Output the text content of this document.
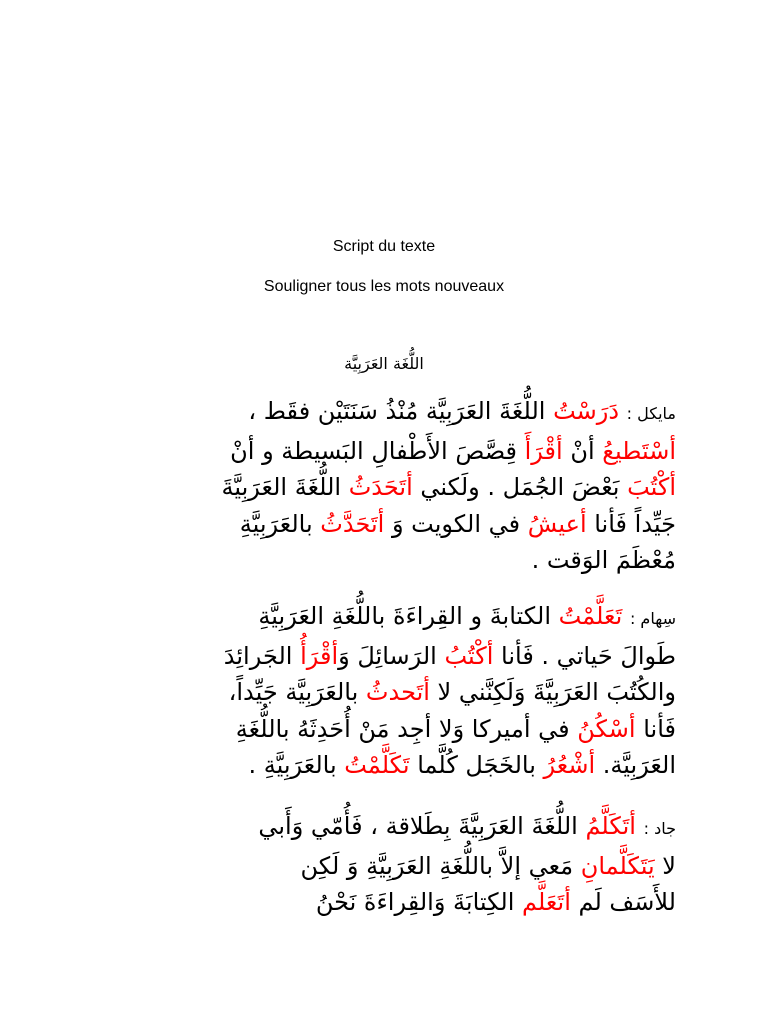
Script du texte
Souligner tous les mots nouveaux
اللُّغَة العَرَبِيَّة
مايكل : دَرَسْتُ اللُّغَةَ العَرَبِيَّة مُنْذُ سَنَتَيْن فقَط ،
أسْتَطيعُ أنْ أقْرَأَ قِصَّصَ الأَطْفالِ البَسيطة و أنْ
أكْتُبَ بَعْضَ الجُمَل . ولَكني أتَحَدَثُ اللُّغَةَ العَرَبِيَّةَ
جَيِّداً فَأنا أعيشُ في الكويت وَ أتَحَدَّثُ بالعَرَبِيَّةِ
مُعْظَمَ الوَقت .
سِهام : تَعَلَّمْتُ الكتابةَ و القِراءَةَ باللُّغَةِ العَرَبِيَّةِ
طَوالَ حَياتي . فَأنا أكْتُبُ الرَسائِلَ وَأقْرَأُ الجَرائِدَ
والكُتُبَ العَرَبِيَّةَ وَلَكِنَّني لا أتَحدثُ بالعَرَبِيَّة جَيِّداً،
فَأنا أسْكُنُ في أميركا وَلا أجِد مَنْ أُحَدِثَهُ باللُّغَةِ
العَرَبِيَّة. أشْعُرُ بالخَجَل كُلَّما تَكَلَّمْتُ بالعَرَبِيَّةِ .
جاد : أتَكَلَّمُ اللُّغَةَ العَرَبِيَّةَ بِطَلاقة ، فَأُمّي وَأَبي
لا يَتَكَلَّمانِ مَعي إلاَّ باللُّغَةِ العَرَبِيَّةِ وَ لَكِن
للأَسَف لَم أتَعَلَّم الكِتابَةَ وَالقِراءَةَ نَحْنُ
